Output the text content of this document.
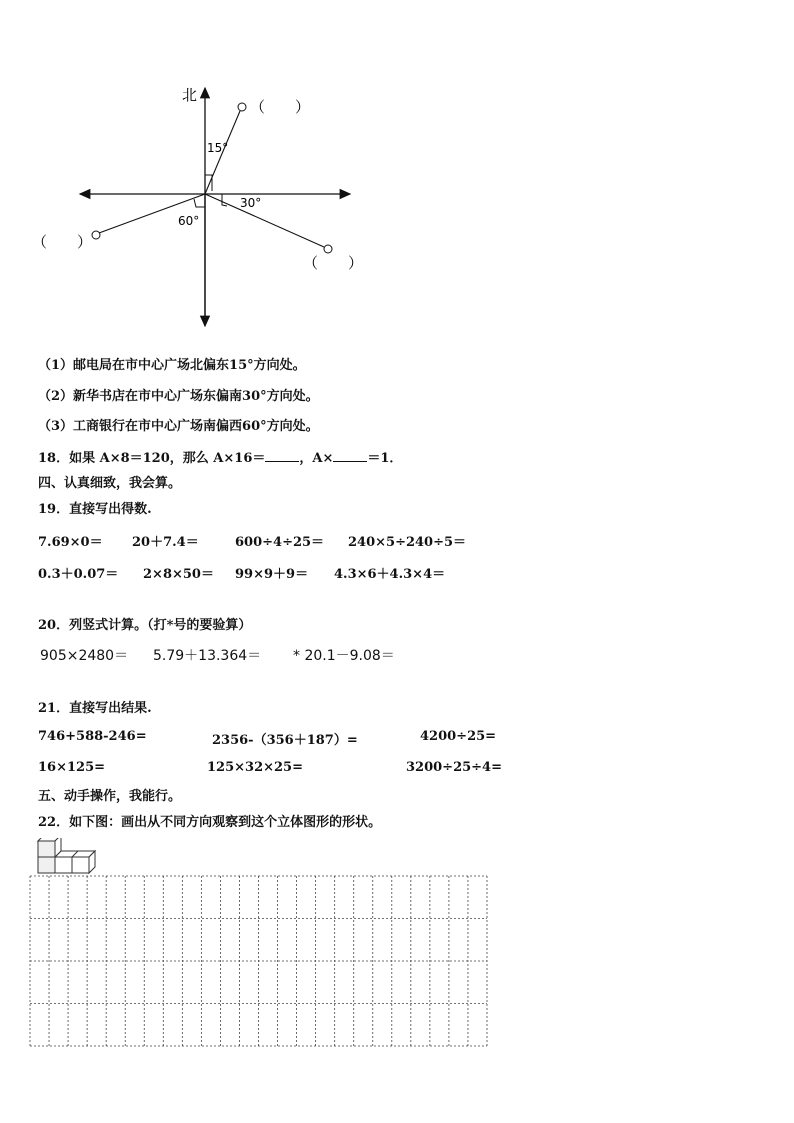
北
15°
30°
60°
（　　）
（　　）
（　　）
（1）邮电局在市中心广场北偏东15°方向处。
（2）新华书店在市中心广场东偏南30°方向处。
（3）工商银行在市中心广场南偏西60°方向处。
18．如果 A×8＝120，那么 A×16＝	，A×	＝1．
四、认真细致，我会算。
19．直接写出得数.
7.69×0＝ 20＋7.4＝	600÷4÷25＝ 240×5÷240÷5＝
0.3＋0.07＝ 2×8×50＝ 99×9＋9＝ 4.3×6＋4.3×4＝
20．列竖式计算。（打*号的要验算）
905×2480＝ 5.79＋13.364＝ * 20.1－9.08＝
21．直接写出结果.
746+588-246=	2356-（356＋187）=	4200÷25=
16×125=	125×32×25=	3200÷25÷4=
五、动手操作，我能行。
22．如下图：画出从不同方向观察到这个立体图形的形状。
